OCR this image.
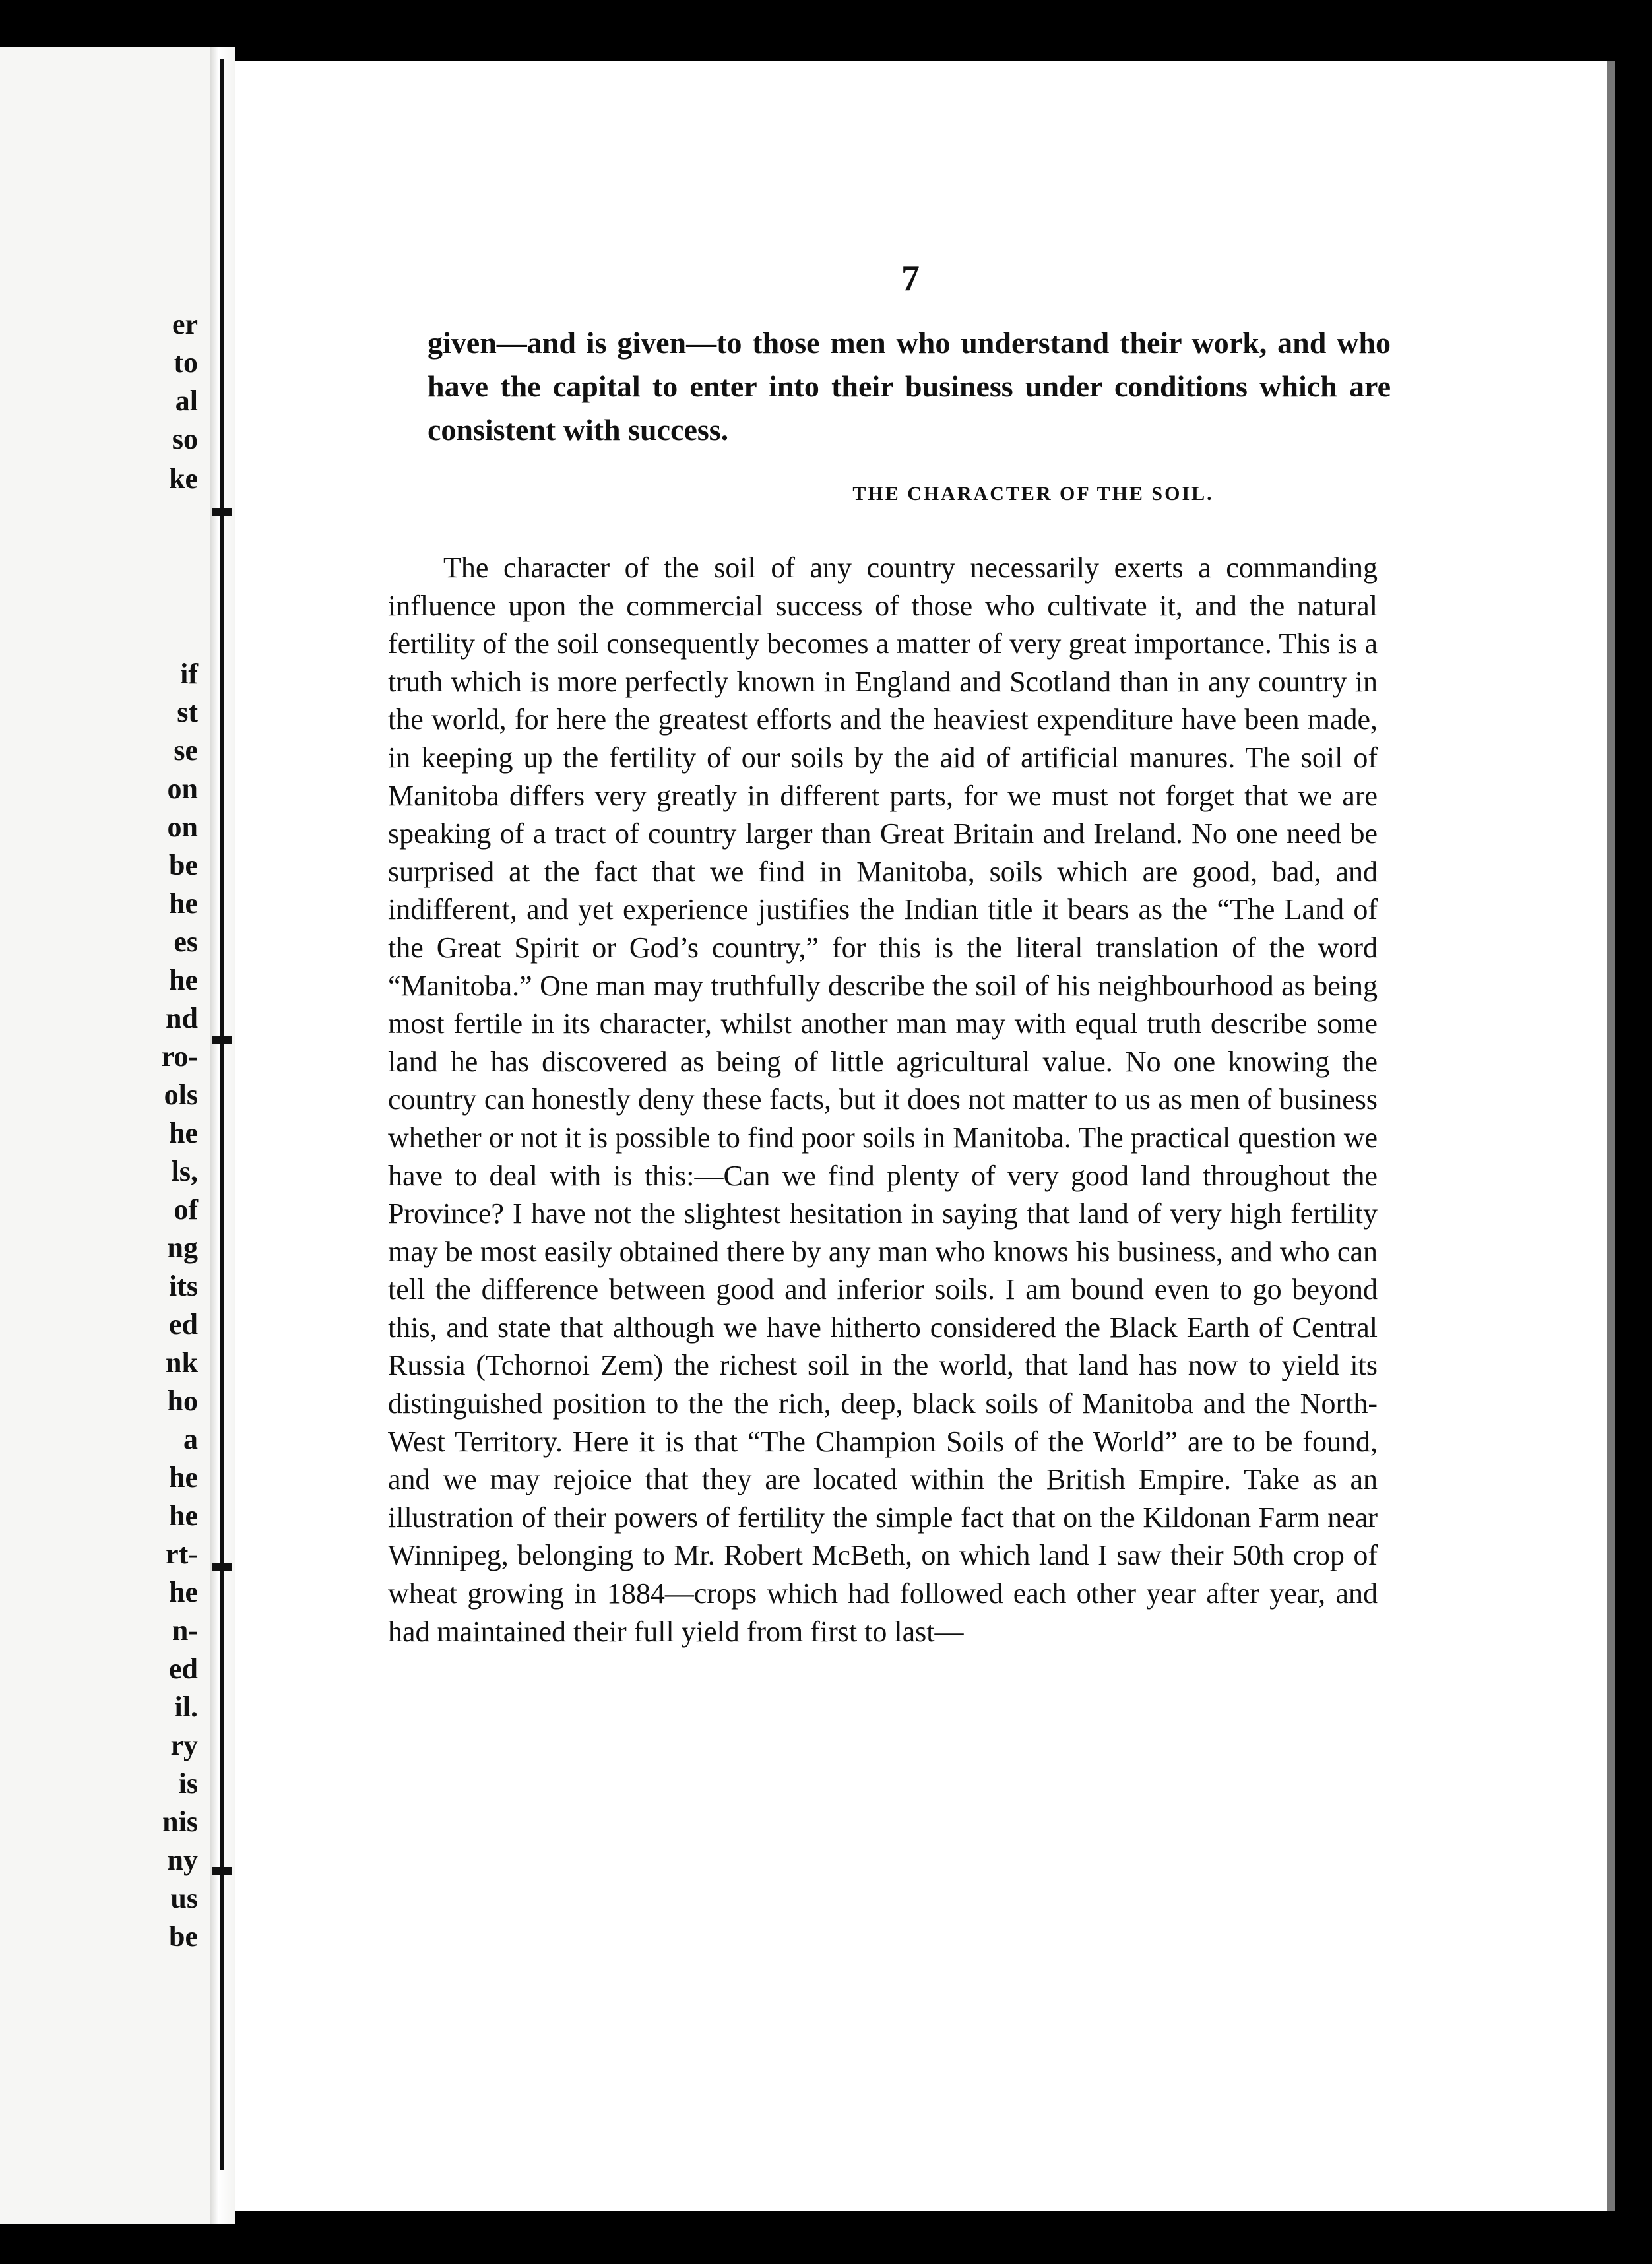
er
to
al
so
ke
if
st
se
on
on
be
he
es
he
nd
ro-
ols
he
ls,
of
ng
its
ed
nk
ho
a
he
he
rt-
he
n-
ed
il.
ry
is
nis
ny
us
be
7
given—and is given—to those men who understand their work, and who have the capital to enter into their business under conditions which are consistent with success.
THE CHARACTER OF THE SOIL.

The character of the soil of any country necessarily exerts a commanding influence upon the commercial success of those who cultivate it, and the natural fertility of the soil consequently becomes a matter of very great importance. This is a truth which is more perfectly known in England and Scotland than in any country in the world, for here the greatest efforts and the heaviest expenditure have been made, in keeping up the fertility of our soils by the aid of artificial manures. The soil of Manitoba differs very greatly in different parts, for we must not forget that we are speaking of a tract of country larger than Great Britain and Ireland. No one need be surprised at the fact that we find in Manitoba, soils which are good, bad, and indifferent, and yet experience justifies the Indian title it bears as the “The Land of the Great Spirit or God’s country,” for this is the literal translation of the word “Manitoba.” One man may truthfully describe the soil of his neighbourhood as being most fertile in its character, whilst another man may with equal truth describe some land he has discovered as being of little agricultural value. No one knowing the country can honestly deny these facts, but it does not matter to us as men of business whether or not it is possible to find poor soils in Manitoba. The practical question we have to deal with is this:—Can we find plenty of very good land throughout the Province? I have not the slightest hesitation in saying that land of very high fertility may be most easily obtained there by any man who knows his business, and who can tell the difference between good and inferior soils. I am bound even to go beyond this, and state that although we have hitherto considered the Black Earth of Central Russia (Tchornoi Zem) the richest soil in the world, that land has now to yield its distinguished position to the the rich, deep, black soils of Manitoba and the North-West Territory. Here it is that “The Champion Soils of the World” are to be found, and we may rejoice that they are located within the British Empire. Take as an illustration of their powers of fertility the simple fact that on the Kildonan Farm near Winnipeg, belonging to Mr. Robert McBeth, on which land I saw their 50th crop of wheat growing in 1884—crops which had followed each other year after year, and had maintained their full yield from first to last—
